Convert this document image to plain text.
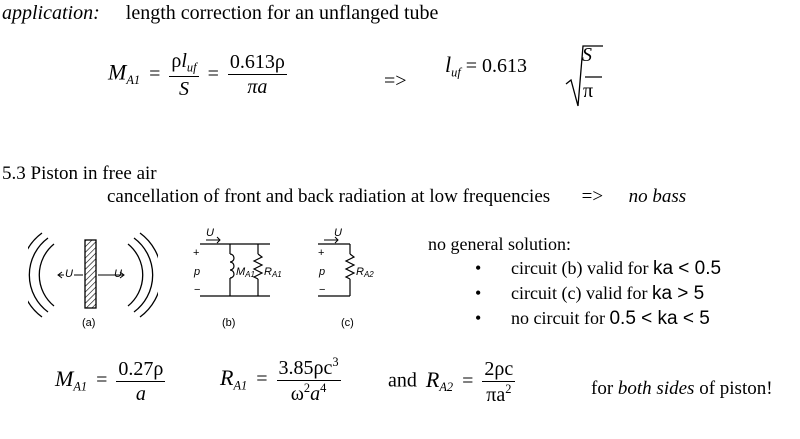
application: length correction for an unflanged tube
$M_{A1} = \frac{\rho l_{uf}}{S} = \frac{0.613\rho}{\pi a}$	=>
$l_{uf} = 0.613$	S
π
5.3 Piston in free air
cancellation of front and back radiation at low frequencies => no bass
U	U
(a)
U
+
p
−
MA1 RA1
(b)
U
+
p
−
RA2
(c)
no general solution:
• circuit (b) valid for ka < 0.5
• circuit (c) valid for ka > 5
• no circuit for 0.5 < ka < 5
$M_{A1} = \frac{0.27\rho}{a} R_{A1} = \frac{3.85\rho c^3}{\omega^2a^4}$ and $R_{A2} = \frac{2\rho c}{\pi a^2}$	for both sides of piston!
